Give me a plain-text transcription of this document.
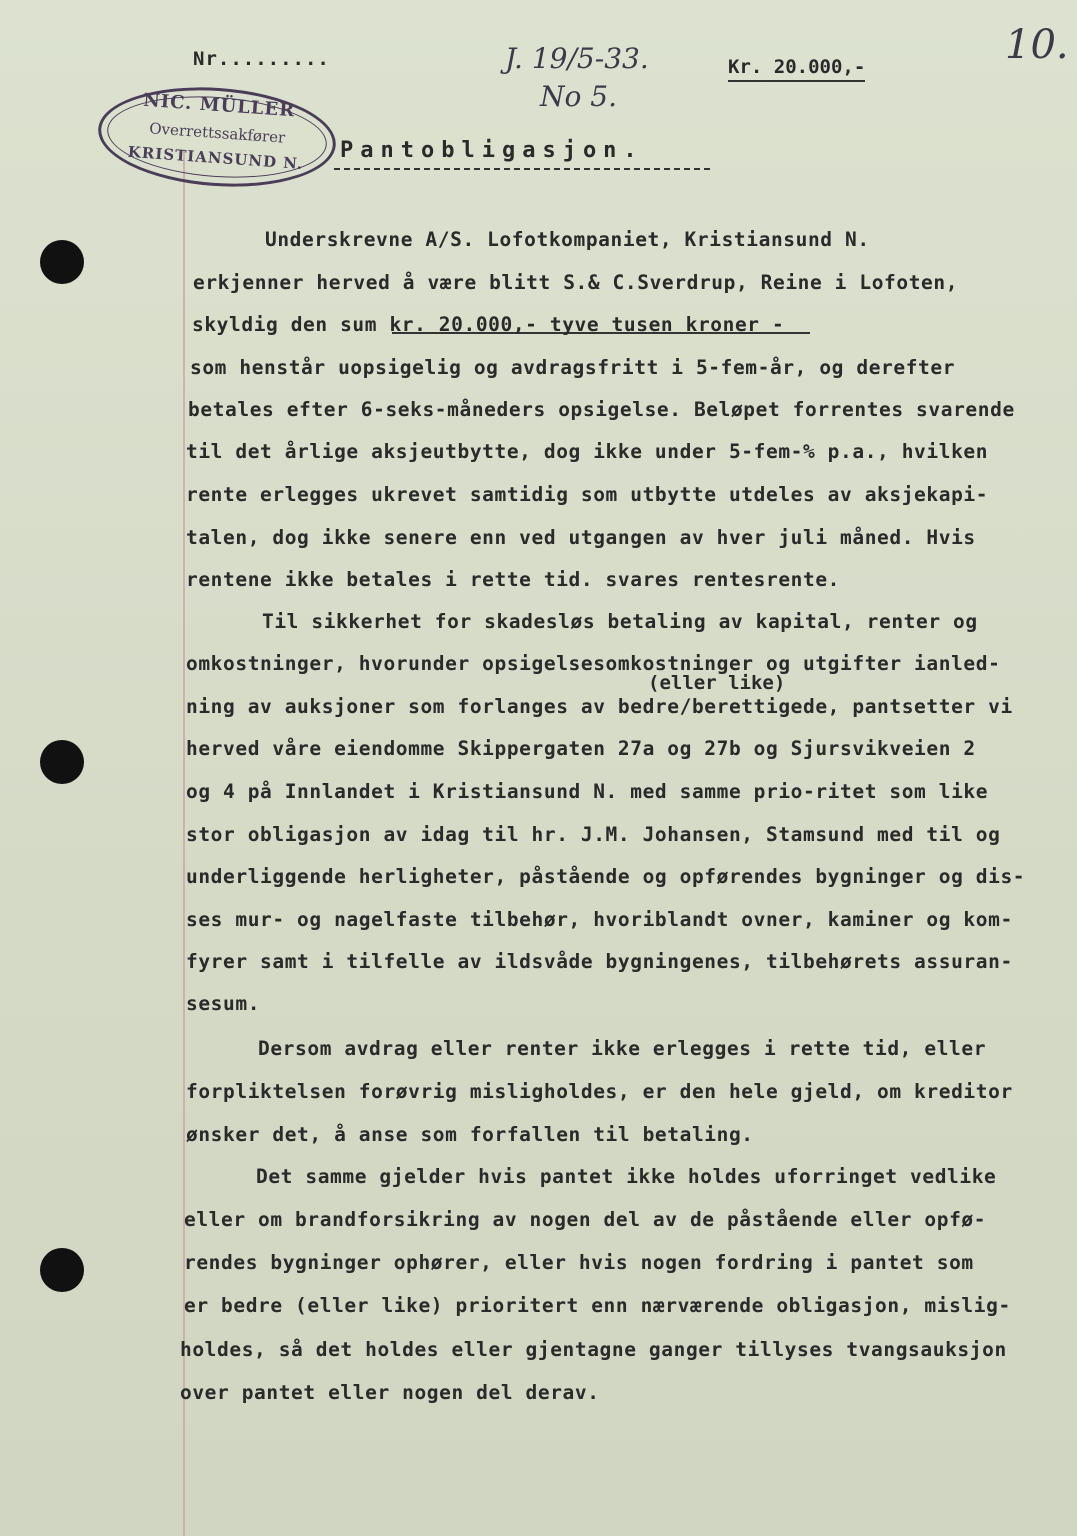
Nr.........	J. 19/5-33.
No 5.
Kr. 20.000,-	10.
NIC. MÜLLER
Overrettssakfører
KRISTIANSUND N.	Pantobligasjon.
(eller like)
Underskrevne A/S. Lofotkompaniet, Kristiansund N.
erkjenner herved å være blitt S.& C.Sverdrup, Reine i Lofoten,
skyldig den sum kr. 20.000,- tyve tusen kroner -
som henstår uopsigelig og avdragsfritt i 5-fem-år, og derefter
betales efter 6-seks-måneders opsigelse. Beløpet forrentes svarende
til det årlige aksjeutbytte, dog ikke under 5-fem-% p.a., hvilken
rente erlegges ukrevet samtidig som utbytte utdeles av aksjekapi-
talen, dog ikke senere enn ved utgangen av hver juli måned. Hvis
rentene ikke betales i rette tid. svares rentesrente.
Til sikkerhet for skadesløs betaling av kapital, renter og
omkostninger, hvorunder opsigelsesomkostninger og utgifter ianled-
ning av auksjoner som forlanges av bedre/berettigede, pantsetter vi
herved våre eiendomme Skippergaten 27a og 27b og Sjursvikveien 2
og 4 på Innlandet i Kristiansund N. med samme prio-ritet som like
stor obligasjon av idag til hr. J.M. Johansen, Stamsund med til og
underliggende herligheter, påstående og opførendes bygninger og dis-
ses mur- og nagelfaste tilbehør, hvoriblandt ovner, kaminer og kom-
fyrer samt i tilfelle av ildsvåde bygningenes, tilbehørets assuran-
sesum.
Dersom avdrag eller renter ikke erlegges i rette tid, eller
forpliktelsen forøvrig misligholdes, er den hele gjeld, om kreditor
ønsker det, å anse som forfallen til betaling.
Det samme gjelder hvis pantet ikke holdes uforringet vedlike
eller om brandforsikring av nogen del av de påstående eller opfø-
rendes bygninger ophører, eller hvis nogen fordring i pantet som
er bedre (eller like) prioritert enn nærværende obligasjon, mislig-
holdes, så det holdes eller gjentagne ganger tillyses tvangsauksjon
over pantet eller nogen del derav.
